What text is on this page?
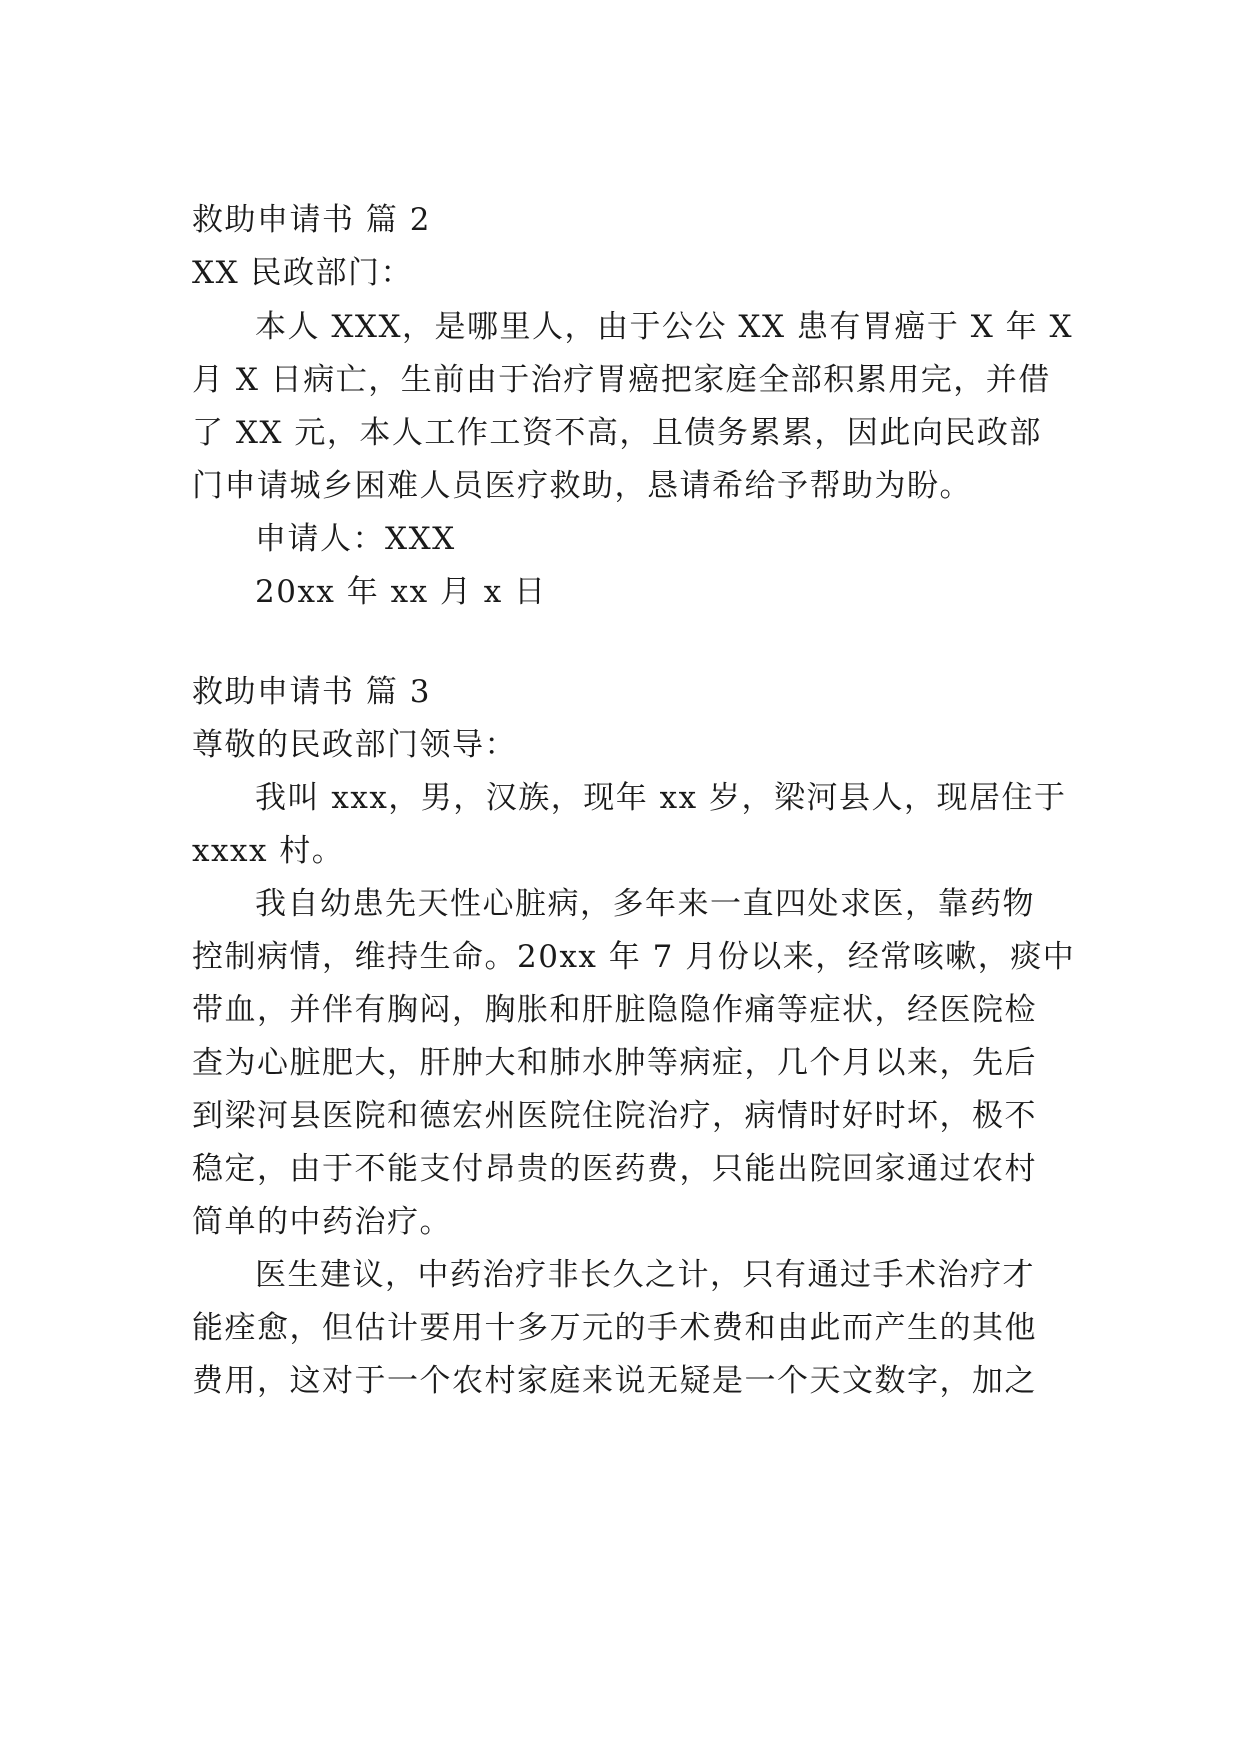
救助申请书 篇 2
XX 民政部门：
本人 XXX，是哪里人，由于公公 XX 患有胃癌于 X 年 X
月 X 日病亡，生前由于治疗胃癌把家庭全部积累用完，并借
了 XX 元，本人工作工资不高，且债务累累，因此向民政部
门申请城乡困难人员医疗救助，恳请希给予帮助为盼。
申请人：XXX
20xx 年 xx 月 x 日
救助申请书 篇 3
尊敬的民政部门领导：
我叫 xxx，男，汉族，现年 xx 岁，梁河县人，现居住于
xxxx 村。
我自幼患先天性心脏病，多年来一直四处求医，靠药物
控制病情，维持生命。20xx 年 7 月份以来，经常咳嗽，痰中
带血，并伴有胸闷，胸胀和肝脏隐隐作痛等症状，经医院检
查为心脏肥大，肝肿大和肺水肿等病症，几个月以来，先后
到梁河县医院和德宏州医院住院治疗，病情时好时坏，极不
稳定，由于不能支付昂贵的医药费，只能出院回家通过农村
简单的中药治疗。
医生建议，中药治疗非长久之计，只有通过手术治疗才
能痊愈，但估计要用十多万元的手术费和由此而产生的其他
费用，这对于一个农村家庭来说无疑是一个天文数字，加之
